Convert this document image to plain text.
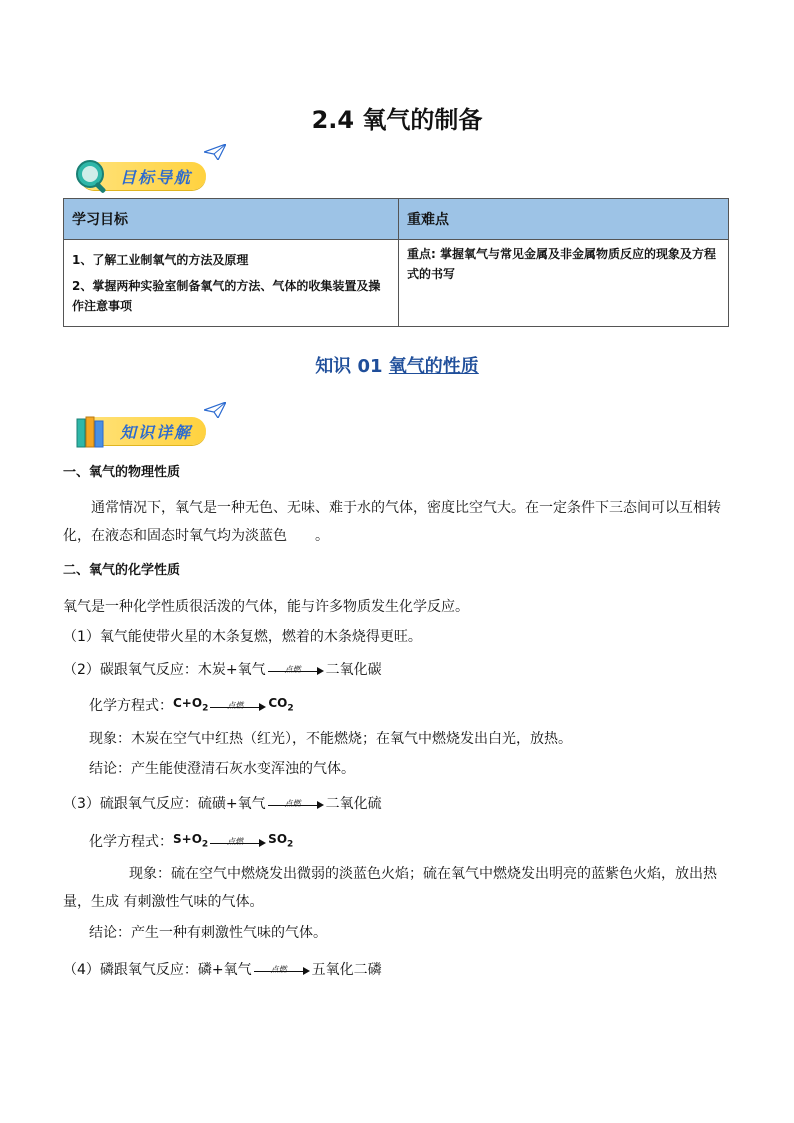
2.4 氧气的制备
目标导航
学习目标	重难点

1、了解工业制氧气的方法及原理

2、掌握两种实验室制备氧气的方法、气体的收集装置及操作注意事项	重点: 掌握氧气与常见金属及非金属物质反应的现象及方程式的书写
知识 01 氧气的性质
知识详解

一、氧气的物理性质

通常情况下，氧气是一种无色、无味、难于水的气体，密度比空气大。在一定条件下三态间可以互相转化，在液态和固态时氧气均为淡蓝色　　。

二、氧气的化学性质

氧气是一种化学性质很活泼的气体，能与许多物质发生化学反应。
（1）氧气能使带火星的木条复燃，燃着的木条烧得更旺。
（2）碳跟氧气反应：木炭+氧气	点燃	二氧化碳
化学方程式： $C+O_2$	点燃	$CO_2$
现象：木炭在空气中红热（红光），不能燃烧；在氧气中燃烧发出白光，放热。
结论：产生能使澄清石灰水变浑浊的气体。
（3）硫跟氧气反应：硫磺+氧气	点燃	二氧化硫
化学方程式： $S+O_2$	点燃	$SO_2$

现象：硫在空气中燃烧发出微弱的淡蓝色火焰；硫在氧气中燃烧发出明亮的蓝紫色火焰，放出热量，生成 有刺激性气味的气体。

结论：产生一种有刺激性气味的气体。
（4）磷跟氧气反应：磷+氧气	点燃	五氧化二磷
